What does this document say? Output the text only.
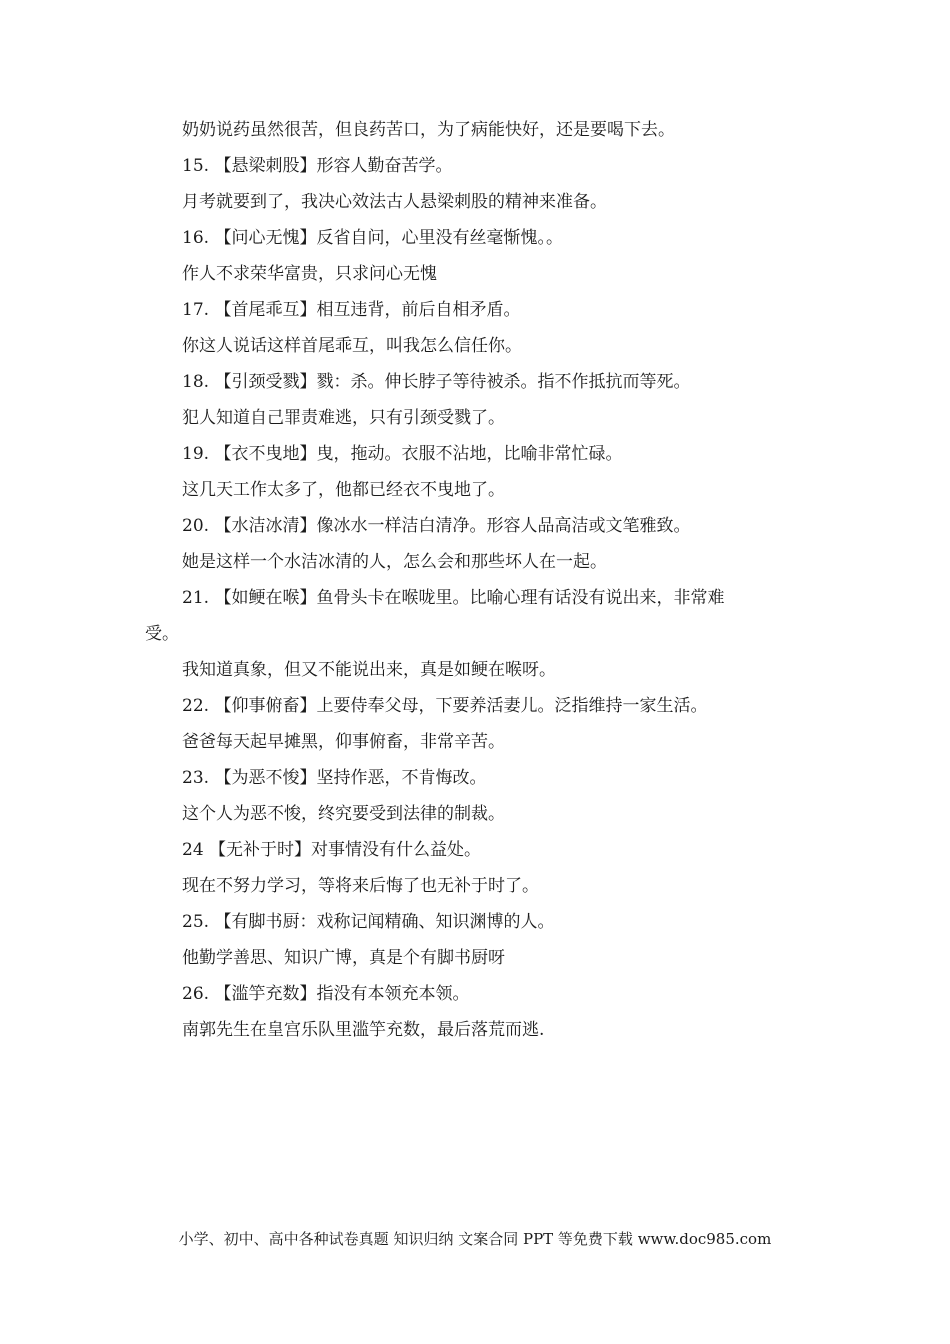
奶奶说药虽然很苦，但良药苦口，为了病能快好，还是要喝下去。
15. 【悬梁刺股】形容人勤奋苦学。
月考就要到了，我决心效法古人悬梁刺股的精神来准备。
16. 【问心无愧】反省自问，心里没有丝毫惭愧。。
作人不求荣华富贵，只求问心无愧
17. 【首尾乖互】相互违背，前后自相矛盾。
你这人说话这样首尾乖互，叫我怎么信任你。
18. 【引颈受戮】戮：杀。伸长脖子等待被杀。指不作抵抗而等死。
犯人知道自己罪责难逃，只有引颈受戮了。
19. 【衣不曳地】曳，拖动。衣服不沾地，比喻非常忙碌。
这几天工作太多了，他都已经衣不曳地了。
20. 【水洁冰清】像冰水一样洁白清净。形容人品高洁或文笔雅致。
她是这样一个水洁冰清的人，怎么会和那些坏人在一起。
21. 【如鲠在喉】鱼骨头卡在喉咙里。比喻心理有话没有说出来，非常难
受。
我知道真象，但又不能说出来，真是如鲠在喉呀。
22. 【仰事俯畜】上要侍奉父母，下要养活妻儿。泛指维持一家生活。
爸爸每天起早摊黑，仰事俯畜，非常辛苦。
23. 【为恶不悛】坚持作恶，不肯悔改。
这个人为恶不悛，终究要受到法律的制裁。
24 【无补于时】对事情没有什么益处。
现在不努力学习，等将来后悔了也无补于时了。
25. 【有脚书厨：戏称记闻精确、知识渊博的人。
他勤学善思、知识广博，真是个有脚书厨呀
26. 【滥竽充数】指没有本领充本领。
南郭先生在皇宫乐队里滥竽充数，最后落荒而逃.
小学、初中、高中各种试卷真题 知识归纳 文案合同 PPT 等免费下载 www.doc985.com
